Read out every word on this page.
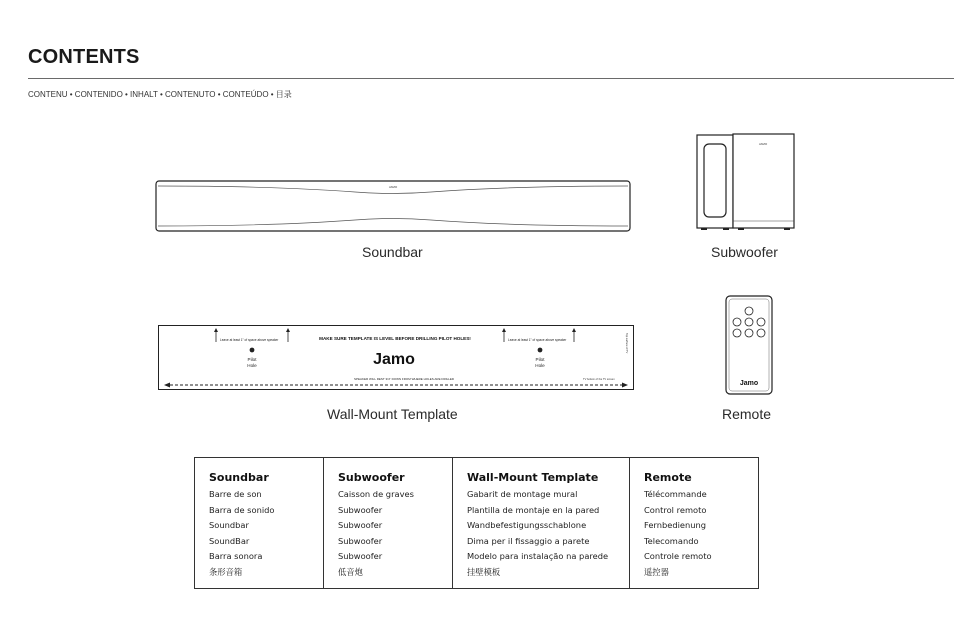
CONTENTS
CONTENU • CONTENIDO • INHALT • CONTENUTO • CONTEÚDO • 目录
JAMO
Soundbar
JAMO
Subwoofer
Leave at least 1" of space above speaker	Leave at least 1" of space above speaker
MAKE SURE TEMPLATE IS LEVEL BEFORE DRILLING PILOT HOLES!
Pilot
Hole
Pilot
Hole
Jamo
Top surface of TV
SPEAKER WILL REST 3/4" DOWN FROM WHERE HOLES ARE DRILLED	TV bottom of the TV screen
Wall-Mount Template
Jamo
Remote
Soundbar
Barre de son
Barra de sonido
Soundbar
SoundBar
Barra sonora
条形音箱
Subwoofer
Caisson de graves
Subwoofer
Subwoofer
Subwoofer
Subwoofer
低音炮
Wall-Mount Template
Gabarit de montage mural
Plantilla de montaje en la pared
Wandbefestigungsschablone
Dima per il fissaggio a parete
Modelo para instalação na parede
挂壁模板
Remote
Télécommande
Control remoto
Fernbedienung
Telecomando
Controle remoto
遥控器
